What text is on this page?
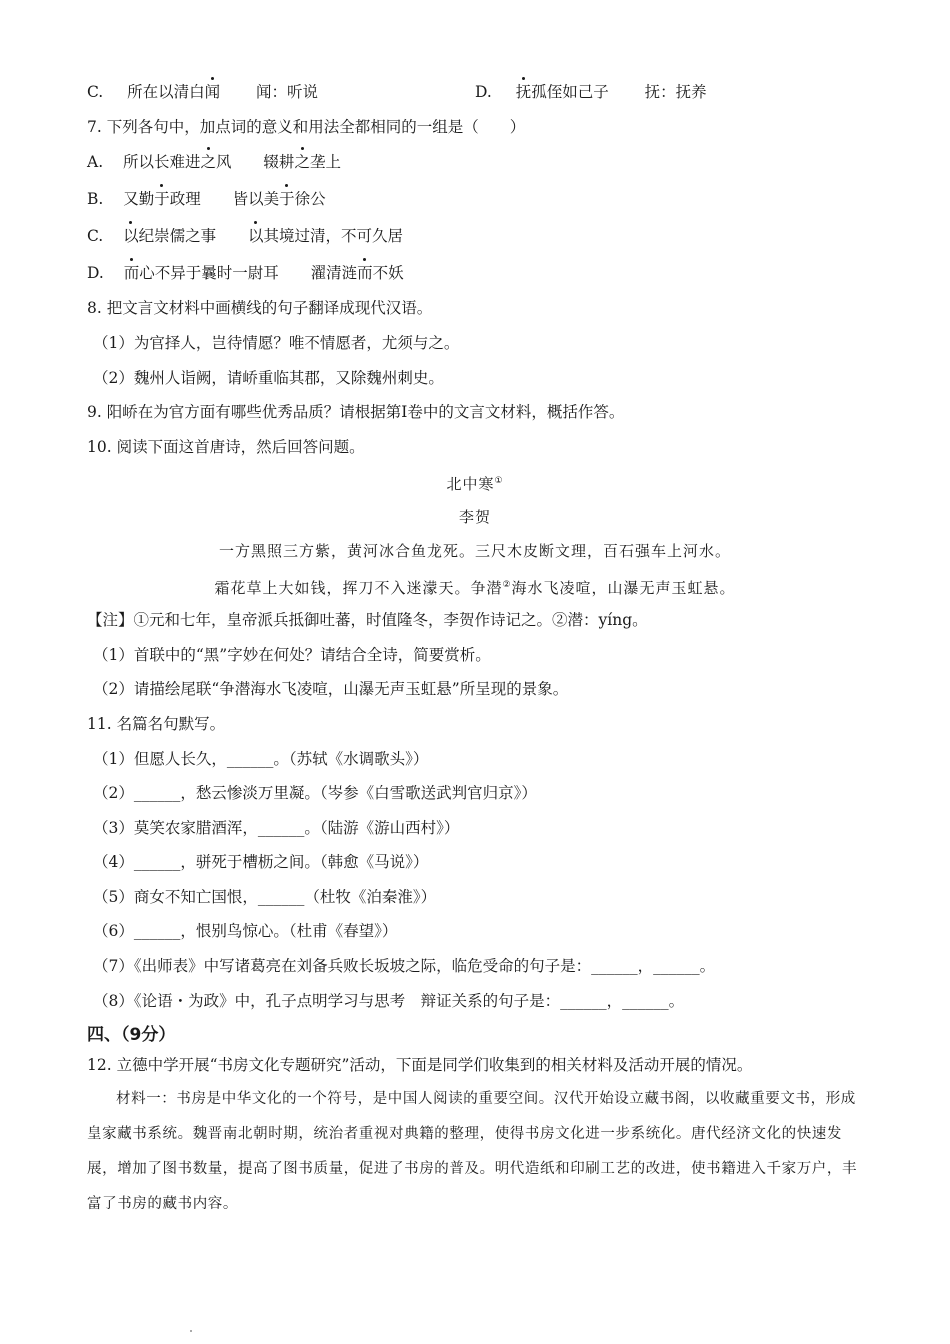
C. 所在以清白闻 闻：听说	D. 抚孤侄如己子 抚：抚养
7. 下列各句中，加点词的意义和用法全都相同的一组是（　　）
A. 所以长难进之风 辍耕之垄上
B. 又勤于政理 皆以美于徐公
C. 以纪崇儒之事 以其境过清，不可久居
D. 而心不异于曩时一尉耳 濯清涟而不妖
8. 把文言文材料中画横线的句子翻译成现代汉语。
（1）为官择人，岂待情愿？唯不情愿者，尤须与之。
（2）魏州人诣阙，请峤重临其郡，又除魏州刺史。
9. 阳峤在为官方面有哪些优秀品质？请根据第Ⅰ卷中的文言文材料，概括作答。
10. 阅读下面这首唐诗，然后回答问题。
北中寒①
李贺
一方黑照三方紫，黄河冰合鱼龙死。三尺木皮断文理，百石强车上河水。
霜花草上大如钱，挥刀不入迷濛天。争潜②海水飞凌喧，山瀑无声玉虹悬。
【注】①元和七年，皇帝派兵抵御吐蕃，时值隆冬，李贺作诗记之。②潜：yíng。
（1）首联中的“黑”字妙在何处？请结合全诗，简要赏析。
（2）请描绘尾联“争潜海水飞凌喧，山瀑无声玉虹悬”所呈现的景象。
11. 名篇名句默写。
（1）但愿人长久，______。（苏轼《水调歌头》）
（2）______，愁云惨淡万里凝。（岑参《白雪歌送武判官归京》）
（3）莫笑农家腊酒浑，______。（陆游《游山西村》）
（4）______，骈死于槽枥之间。（韩愈《马说》）
（5）商女不知亡国恨，______（杜牧《泊秦淮》）
（6）______，恨别鸟惊心。（杜甫《春望》）
（7）《出师表》中写诸葛亮在刘备兵败长坂坡之际，临危受命的句子是：______，______。
（8）《论语・为政》中，孔子点明学习与思考　辩证关系的句子是：______，______。
四、（9分）
12. 立德中学开展“书房文化专题研究”活动，下面是同学们收集到的相关材料及活动开展的情况。
材料一：书房是中华文化的一个符号，是中国人阅读的重要空间。汉代开始设立藏书阁，以收藏重要文书，形成皇家藏书系统。魏晋南北朝时期，统治者重视对典籍的整理，使得书房文化进一步系统化。唐代经济文化的快速发展，增加了图书数量，提高了图书质量，促进了书房的普及。明代造纸和印刷工艺的改进，使书籍进入千家万户，丰富了书房的藏书内容。
